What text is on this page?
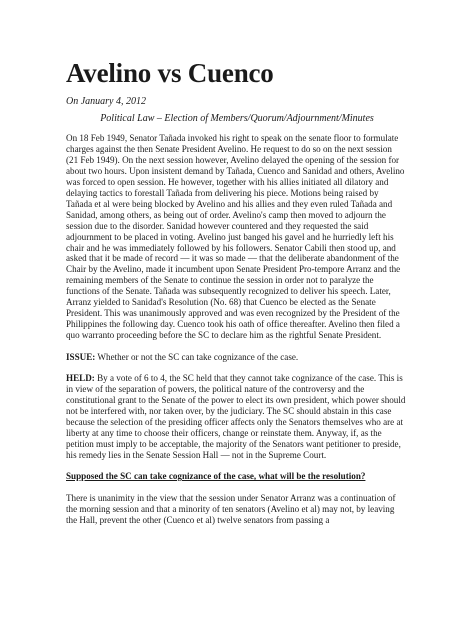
Avelino vs Cuenco
On January 4, 2012
Political Law – Election of Members/Quorum/Adjournment/Minutes

On 18 Feb 1949, Senator Tañada invoked his right to speak on the senate floor to formulate charges against the then Senate President Avelino. He request to do so on the next session (21 Feb 1949). On the next session however, Avelino delayed the opening of the session for about two hours. Upon insistent demand by Tañada, Cuenco and Sanidad and others, Avelino was forced to open session. He however, together with his allies initiated all dilatory and delaying tactics to forestall Tañada from delivering his piece. Motions being raised by Tañada et al were being blocked by Avelino and his allies and they even ruled Tañada and Sanidad, among others, as being out of order. Avelino's camp then moved to adjourn the session due to the disorder. Sanidad however countered and they requested the said adjournment to be placed in voting. Avelino just banged his gavel and he hurriedly left his chair and he was immediately followed by his followers. Senator Cabili then stood up, and asked that it be made of record — it was so made — that the deliberate abandonment of the Chair by the Avelino, made it incumbent upon Senate President Pro-tempore Arranz and the remaining members of the Senate to continue the session in order not to paralyze the functions of the Senate. Tañada was subsequently recognized to deliver his speech. Later, Arranz yielded to Sanidad's Resolution (No. 68) that Cuenco be elected as the Senate President. This was unanimously approved and was even recognized by the President of the Philippines the following day. Cuenco took his oath of office thereafter. Avelino then filed a quo warranto proceeding before the SC to declare him as the rightful Senate President.

ISSUE: Whether or not the SC can take cognizance of the case.

HELD: By a vote of 6 to 4, the SC held that they cannot take cognizance of the case. This is in view of the separation of powers, the political nature of the controversy and the constitutional grant to the Senate of the power to elect its own president, which power should not be interfered with, nor taken over, by the judiciary. The SC should abstain in this case because the selection of the presiding officer affects only the Senators themselves who are at liberty at any time to choose their officers, change or reinstate them. Anyway, if, as the petition must imply to be acceptable, the majority of the Senators want petitioner to preside, his remedy lies in the Senate Session Hall — not in the Supreme Court.

Supposed the SC can take cognizance of the case, what will be the resolution?

There is unanimity in the view that the session under Senator Arranz was a continuation of the morning session and that a minority of ten senators (Avelino et al) may not, by leaving the Hall, prevent the other (Cuenco et al) twelve senators from passing a
